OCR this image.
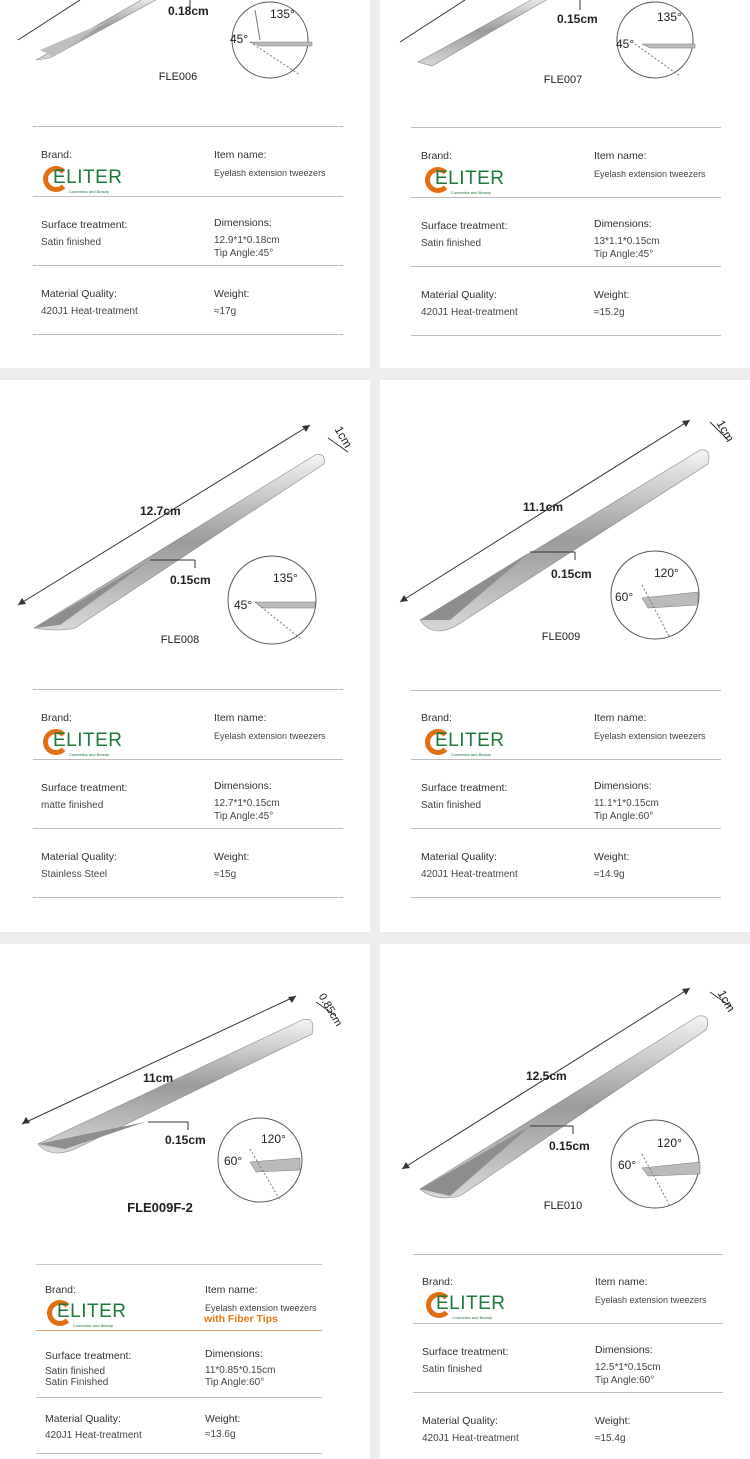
0.18cm	135°
45°
FLE006
Brand:
ELITER
Cosmetics and Beauty
Item name:
Eyelash extension tweezers
Surface treatment:
Satin finished
Dimensions:
12.9*1*0.18cm
Tip Angle:45°
Material Quality:
420J1 Heat-treatment
Weight:
≈17g
0.15cm	135°
45°
FLE007
Brand:
ELITER
Cosmetics and Beauty
Item name:
Eyelash extension tweezers
Surface treatment:
Satin finished
Dimensions:
13*1.1*0.15cm
Tip Angle:45°
Material Quality:
420J1 Heat-treatment
Weight:
≈15.2g
12.7cm
1cm
0.15cm	135°
45°
FLE008
Brand:
ELITER
Cosmetics and Beauty
Item name:
Eyelash extension tweezers
Surface treatment:
matte finished
Dimensions:
12.7*1*0.15cm
Tip Angle:45°
Material Quality:
Stainless Steel
Weight:
≈15g
11.1cm
1cm
0.15cm	120°
60°
FLE009
Brand:
ELITER
Cosmetics and Beauty
Item name:
Eyelash extension tweezers
Surface treatment:
Satin finished
Dimensions:
11.1*1*0.15cm
Tip Angle:60°
Material Quality:
420J1 Heat-treatment
Weight:
≈14.9g
11cm
0.85cm
0.15cm	120°
60°
FLE009F-2
Brand:
ELITER
Cosmetics and Beauty
Item name:
Eyelash extension tweezers
with Fiber Tips
Surface treatment:
Satin finished
Satin Finished
Dimensions:
11*0.85*0.15cm
Tip Angle:60°
Material Quality:
420J1 Heat-treatment
Weight:
≈13.6g
12.5cm
1cm
0.15cm	120°
60°
FLE010
Brand:
ELITER
Cosmetics and Beauty
Item name:
Eyelash extension tweezers
Surface treatment:
Satin finished
Dimensions:
12.5*1*0.15cm
Tip Angle:60°
Material Quality:
420J1 Heat-treatment
Weight:
≈15.4g
